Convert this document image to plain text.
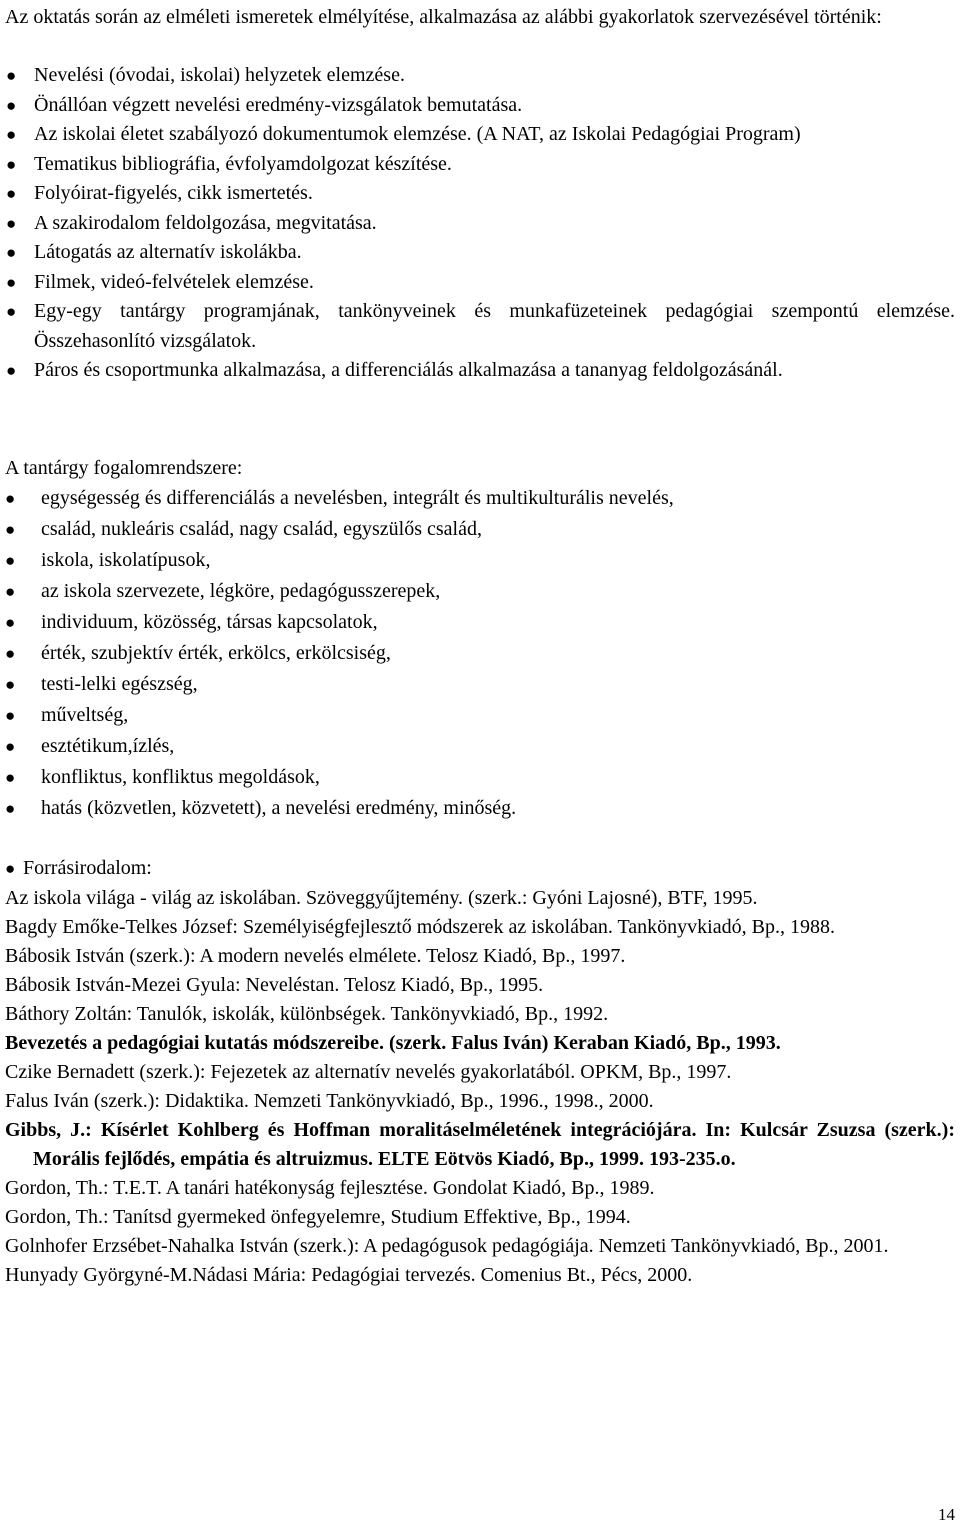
Az oktatás során az elméleti ismeretek elmélyítése, alkalmazása az alábbi gyakorlatok szervezésével történik:

● Nevelési (óvodai, iskolai) helyzetek elemzése.
● Önállóan végzett nevelési eredmény-vizsgálatok bemutatása.
● Az iskolai életet szabályozó dokumentumok elemzése. (A NAT, az Iskolai Pedagógiai Program)
● Tematikus bibliográfia, évfolyamdolgozat készítése.
● Folyóirat-figyelés, cikk ismertetés.
● A szakirodalom feldolgozása, megvitatása.
● Látogatás az alternatív iskolákba.
● Filmek, videó-felvételek elemzése.
● Egy-egy tantárgy programjának, tankönyveinek és munkafüzeteinek pedagógiai szempontú elemzése. Összehasonlító vizsgálatok.
● Páros és csoportmunka alkalmazása, a differenciálás alkalmazása a tananyag feldolgozásánál.

A tantárgy fogalomrendszere:

● egységesség és differenciálás a nevelésben, integrált és multikulturális nevelés,
● család, nukleáris család, nagy család, egyszülős család,
● iskola, iskolatípusok,
● az iskola szervezete, légköre, pedagógusszerepek,
● individuum, közösség, társas kapcsolatok,
● érték, szubjektív érték, erkölcs, erkölcsiség,
● testi-lelki egészség,
● műveltség,
● esztétikum,ízlés,
● konfliktus, konfliktus megoldások,
● hatás (közvetlen, közvetett), a nevelési eredmény, minőség.

● Forrásirodalom:

Az iskola világa - világ az iskolában. Szöveggyűjtemény. (szerk.: Gyóni Lajosné), BTF, 1995.
Bagdy Emőke-Telkes József: Személyiségfejlesztő módszerek az iskolában. Tankönyvkiadó, Bp., 1988.
Bábosik István (szerk.): A modern nevelés elmélete. Telosz Kiadó, Bp., 1997.
Bábosik István-Mezei Gyula: Neveléstan. Telosz Kiadó, Bp., 1995.
Báthory Zoltán: Tanulók, iskolák, különbségek. Tankönyvkiadó, Bp., 1992.
Bevezetés a pedagógiai kutatás módszereibe. (szerk. Falus Iván) Keraban Kiadó, Bp., 1993.
Czike Bernadett (szerk.): Fejezetek az alternatív nevelés gyakorlatából. OPKM, Bp., 1997.
Falus Iván (szerk.): Didaktika. Nemzeti Tankönyvkiadó, Bp., 1996., 1998., 2000.
Gibbs, J.: Kísérlet Kohlberg és Hoffman moralitáselméletének integrációjára. In: Kulcsár Zsuzsa (szerk.): Morális fejlődés, empátia és altruizmus. ELTE Eötvös Kiadó, Bp., 1999. 193-235.o.
Gordon, Th.: T.E.T. A tanári hatékonyság fejlesztése. Gondolat Kiadó, Bp., 1989.
Gordon, Th.: Tanítsd gyermeked önfegyelemre, Studium Effektive, Bp., 1994.
Golnhofer Erzsébet-Nahalka István (szerk.): A pedagógusok pedagógiája. Nemzeti Tankönyvkiadó, Bp., 2001.
Hunyady Györgyné-M.Nádasi Mária: Pedagógiai tervezés. Comenius Bt., Pécs, 2000.
14
